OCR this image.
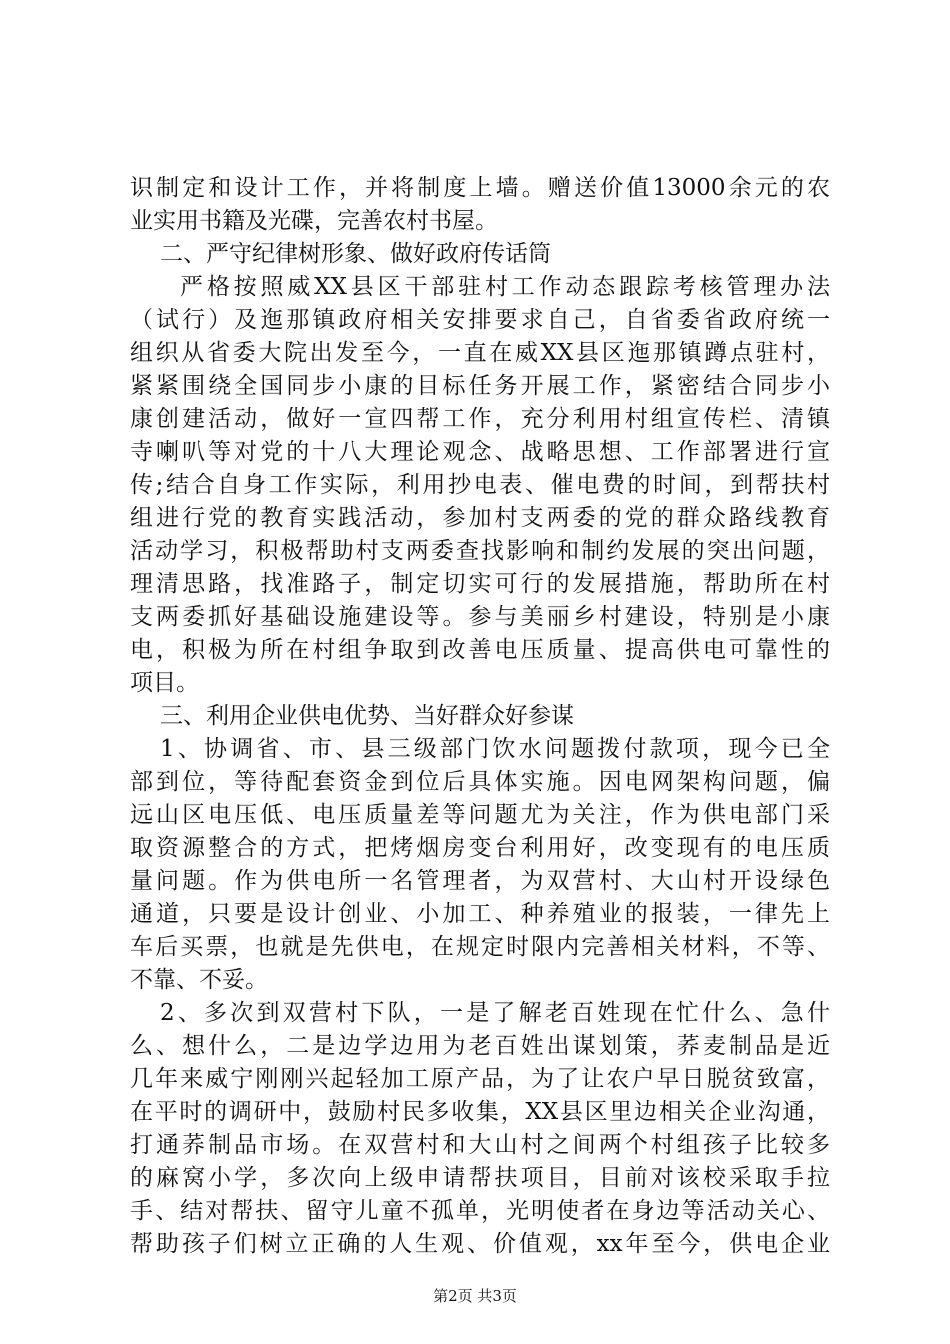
识制定和设计工作，并将制度上墙。赠送价值13000余元的农
业实用书籍及光碟，完善农村书屋。
二、严守纪律树形象、做好政府传话筒
严格按照威XX县区干部驻村工作动态跟踪考核管理办法
（试行）及迤那镇政府相关安排要求自己，自省委省政府统一
组织从省委大院出发至今，一直在威XX县区迤那镇蹲点驻村，
紧紧围绕全国同步小康的目标任务开展工作，紧密结合同步小
康创建活动，做好一宣四帮工作，充分利用村组宣传栏、清镇
寺喇叭等对党的十八大理论观念、战略思想、工作部署进行宣
传;结合自身工作实际，利用抄电表、催电费的时间，到帮扶村
组进行党的教育实践活动，参加村支两委的党的群众路线教育
活动学习，积极帮助村支两委查找影响和制约发展的突出问题，
理清思路，找准路子，制定切实可行的发展措施，帮助所在村
支两委抓好基础设施建设等。参与美丽乡村建设，特别是小康
电，积极为所在村组争取到改善电压质量、提高供电可靠性的
项目。
三、利用企业供电优势、当好群众好参谋
1、协调省、市、县三级部门饮水问题拨付款项，现今已全
部到位，等待配套资金到位后具体实施。因电网架构问题，偏
远山区电压低、电压质量差等问题尤为关注，作为供电部门采
取资源整合的方式，把烤烟房变台利用好，改变现有的电压质
量问题。作为供电所一名管理者，为双营村、大山村开设绿色
通道，只要是设计创业、小加工、种养殖业的报装，一律先上
车后买票，也就是先供电，在规定时限内完善相关材料，不等、
不靠、不妥。
2、多次到双营村下队，一是了解老百姓现在忙什么、急什
么、想什么，二是边学边用为老百姓出谋划策，荞麦制品是近
几年来威宁刚刚兴起轻加工原产品，为了让农户早日脱贫致富，
在平时的调研中，鼓励村民多收集，XX县区里边相关企业沟通，
打通荞制品市场。在双营村和大山村之间两个村组孩子比较多
的麻窝小学，多次向上级申请帮扶项目，目前对该校采取手拉
手、结对帮扶、留守儿童不孤单，光明使者在身边等活动关心、
帮助孩子们树立正确的人生观、价值观，xx年至今，供电企业
第2页 共3页
